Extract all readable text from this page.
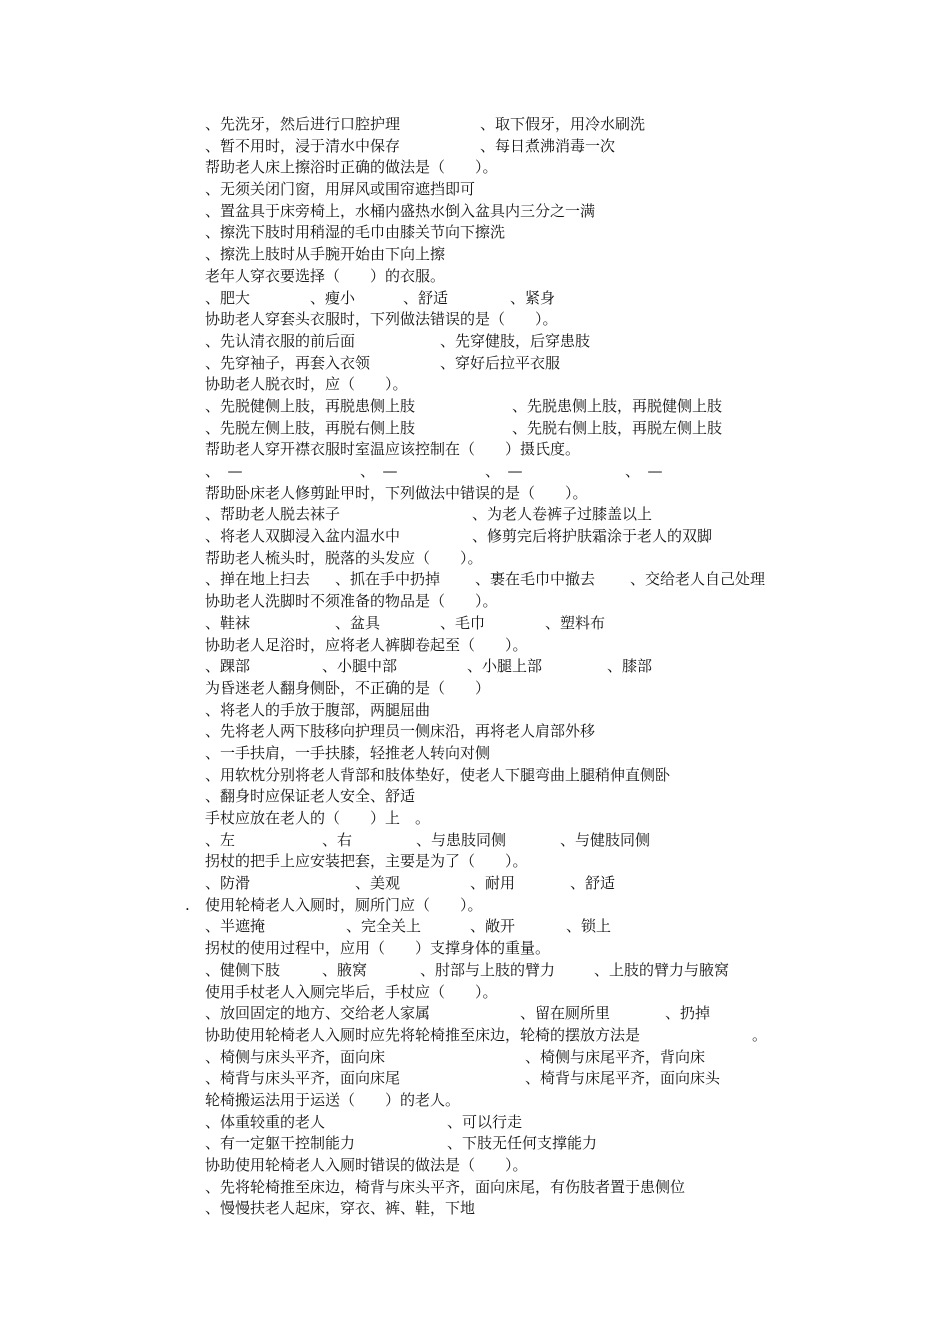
、先洗牙，然后进行口腔护理	、取下假牙，用冷水刷洗
、暂不用时，浸于清水中保存	、每日煮沸消毒一次
帮助老人床上擦浴时正确的做法是（　　）。
、无须关闭门窗，用屏风或围帘遮挡即可
、置盆具于床旁椅上，水桶内盛热水倒入盆具内三分之一满
、擦洗下肢时用稍湿的毛巾由膝关节向下擦洗
、擦洗上肢时从手腕开始由下向上擦
老年人穿衣要选择（　　）的衣服。
、肥大	、瘦小	、舒适	、紧身
协助老人穿套头衣服时，下列做法错误的是（　　）。
、先认清衣服的前后面	、先穿健肢，后穿患肢
、先穿袖子，再套入衣领	、穿好后拉平衣服
协助老人脱衣时，应（　　）。
、先脱健侧上肢，再脱患侧上肢	、先脱患侧上肢，再脱健侧上肢
、先脱左侧上肢，再脱右侧上肢	、先脱右侧上肢，再脱左侧上肢
帮助老人穿开襟衣服时室温应该控制在（　　）摄氏度。
、　—	、　—	、　—	、　—
帮助卧床老人修剪趾甲时，下列做法中错误的是（　　）。
、帮助老人脱去袜子	、为老人卷裤子过膝盖以上
、将老人双脚浸入盆内温水中	、修剪完后将护肤霜涂于老人的双脚
帮助老人梳头时，脱落的头发应（　　）。
、掸在地上扫去 、抓在手中扔掉 、裹在毛巾中撤去 、交给老人自己处理
协助老人洗脚时不须准备的物品是（　　）。
、鞋袜	、盆具	、毛巾	、塑料布
协助老人足浴时，应将老人裤脚卷起至（　　）。
、踝部	、小腿中部	、小腿上部	、膝部
为昏迷老人翻身侧卧，不正确的是（　　）
、将老人的手放于腹部，两腿屈曲
、先将老人两下肢移向护理员一侧床沿，再将老人肩部外移
、一手扶肩，一手扶膝，轻推老人转向对侧
、用软枕分别将老人背部和肢体垫好，使老人下腿弯曲上腿稍伸直侧卧
、翻身时应保证老人安全、舒适
手杖应放在老人的（　　）上　。
、左	、右	、与患肢同侧	、与健肢同侧
拐杖的把手上应安装把套，主要是为了（　　）。
、防滑	、美观	、耐用	、舒适
. 使用轮椅老人入厕时，厕所门应（　　）。
、半遮掩	、完全关上	、敞开	、锁上
拐杖的使用过程中，应用（　　）支撑身体的重量。
、健侧下肢	、腋窝	、肘部与上肢的臂力	、上肢的臂力与腋窝
使用手杖老人入厕完毕后，手杖应（　　）。
、放回固定的地方 、交给老人家属	、留在厕所里	、扔掉
协助使用轮椅老人入厕时应先将轮椅推至床边，轮椅的摆放方法是	。
、椅侧与床头平齐，面向床	、椅侧与床尾平齐，背向床
、椅背与床头平齐，面向床尾	、椅背与床尾平齐，面向床头
轮椅搬运法用于运送（　　）的老人。
、体重较重的老人	、可以行走
、有一定躯干控制能力	、下肢无任何支撑能力
协助使用轮椅老人入厕时错误的做法是（　　）。
、先将轮椅推至床边，椅背与床头平齐，面向床尾，有伤肢者置于患侧位
、慢慢扶老人起床，穿衣、裤、鞋，下地
